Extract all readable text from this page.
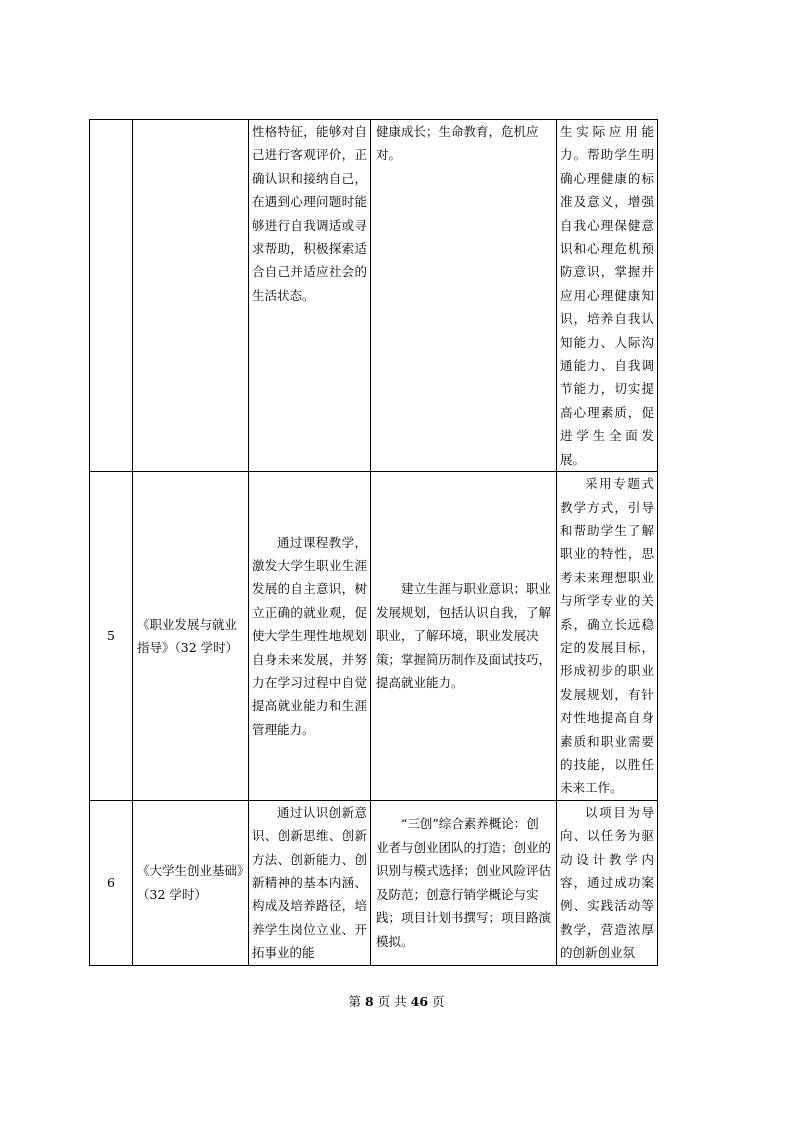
		性格特征，能够对自己进行客观评价，正确认识和接纳自己，在遇到心理问题时能够进行自我调适或寻求帮助，积极探索适合自己并适应社会的生活状态。	健康成长；生命教育，危机应对。	生实际应用能力。帮助学生明确心理健康的标准及意义，增强自我心理保健意识和心理危机预防意识，掌握并应用心理健康知识，培养自我认知能力、人际沟通能力、自我调节能力，切实提高心理素质，促进学生全面发展。
5	《职业发展与就业指导》（32 学时）	通过课程教学，激发大学生职业生涯发展的自主意识，树立正确的就业观，促使大学生理性地规划自身未来发展，并努力在学习过程中自觉提高就业能力和生涯管理能力。	建立生涯与职业意识；职业发展规划，包括认识自我，了解职业，了解环境，职业发展决策；掌握简历制作及面试技巧，提高就业能力。	采用专题式教学方式，引导和帮助学生了解职业的特性，思考未来理想职业与所学专业的关系，确立长远稳定的发展目标，形成初步的职业发展规划，有针对性地提高自身素质和职业需要的技能，以胜任未来工作。
6	《大学生创业基础》（32 学时）	通过认识创新意识、创新思维、创新方法、创新能力、创新精神的基本内涵、构成及培养路径，培养学生岗位立业、开拓事业的能	“三创”综合素养概论：创业者与创业团队的打造；创业的识别与模式选择；创业风险评估及防范；创意行销学概论与实践；项目计划书撰写；项目路演模拟。	以项目为导向、以任务为驱动设计教学内容，通过成功案例、实践活动等教学，营造浓厚的创新创业氛
第 8 页 共 46 页
